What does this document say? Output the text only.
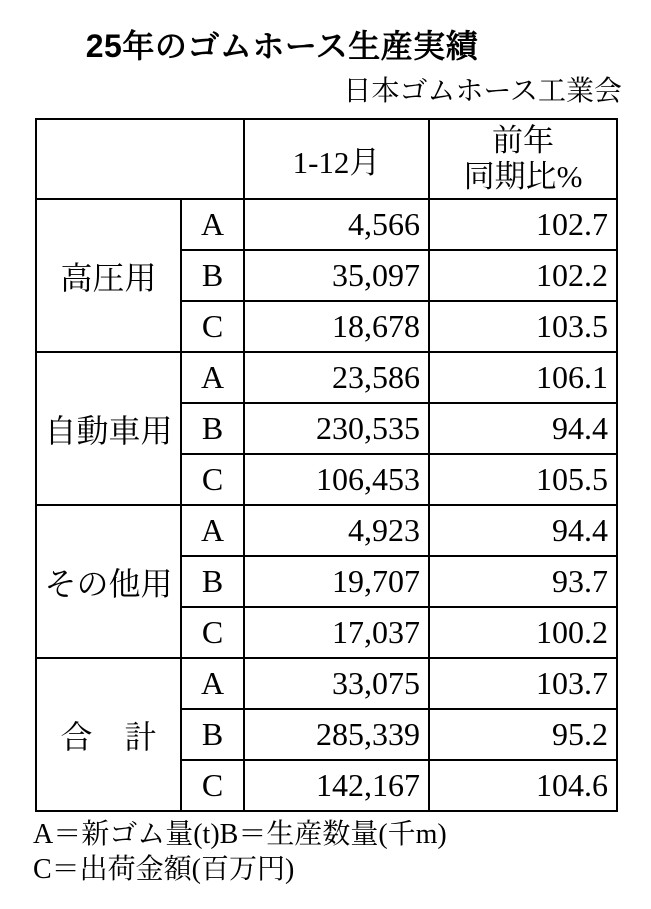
25年のゴムホース生産実績
日本ゴムホース工業会
		1-12月	前年
同期比%

高圧用	A	4,566	102.7
	B	35,097	102.2
	C	18,678	103.5
自動車用	A	23,586	106.1
	B	230,535	94.4
	C	106,453	105.5
その他用	A	4,923	94.4
	B	19,707	93.7
	C	17,037	100.2
合　計	A	33,075	103.7
	B	285,339	95.2
	C	142,167	104.6
A＝新ゴム量(t)B＝生産数量(千m)
C＝出荷金額(百万円)
